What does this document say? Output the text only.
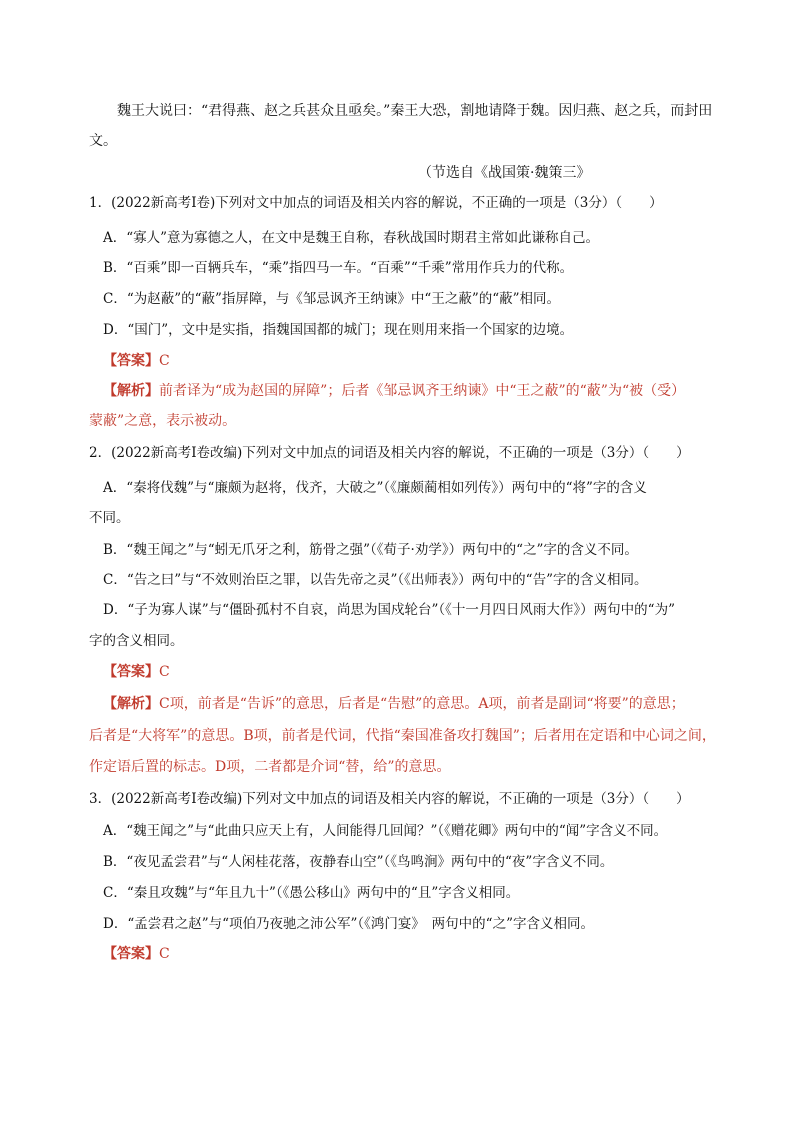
魏王大说曰：“君得燕、赵之兵甚众且亟矣。”秦王大恐，割地请降于魏。因归燕、赵之兵，而封田
文。
（节选自《战国策·魏策三》
1．(2022新高考Ⅰ卷)下列对文中加点的词语及相关内容的解说，不正确的一项是（3分）（　　）
A．“寡人”意为寡德之人，在文中是魏王自称，春秋战国时期君主常如此谦称自己。
B．“百乘”即一百辆兵车，“乘”指四马一车。“百乘”“千乘”常用作兵力的代称。
C．“为赵蔽”的“蔽”指屏障，与《邹忌讽齐王纳谏》中“王之蔽”的“蔽”相同。
D．“国门”，文中是实指，指魏国国都的城门；现在则用来指一个国家的边境。
【答案】C
【解析】前者译为“成为赵国的屏障”；后者《邹忌讽齐王纳谏》中“王之蔽”的“蔽”为“被（受）
蒙蔽”之意，表示被动。
2．(2022新高考Ⅰ卷改编)下列对文中加点的词语及相关内容的解说，不正确的一项是（3分）（　　）
A．“秦将伐魏”与“廉颇为赵将，伐齐，大破之”（《廉颇蔺相如列传》）两句中的“将”字的含义
不同。
B．“魏王闻之”与“蚓无爪牙之利，筋骨之强”（《荀子·劝学》）两句中的“之”字的含义不同。
C．“告之曰”与“不效则治臣之罪，以告先帝之灵”（《出师表》）两句中的“告”字的含义相同。
D．“子为寡人谋”与“僵卧孤村不自哀，尚思为国戍轮台”（《十一月四日风雨大作》）两句中的“为”
字的含义相同。
【答案】C
【解析】C项，前者是“告诉”的意思，后者是“告慰”的意思。A项，前者是副词“将要”的意思；
后者是“大将军”的意思。B项，前者是代词，代指“秦国准备攻打魏国”；后者用在定语和中心词之间，
作定语后置的标志。D项，二者都是介词“替，给”的意思。
3．(2022新高考Ⅰ卷改编)下列对文中加点的词语及相关内容的解说，不正确的一项是（3分）（　　）
A．“魏王闻之”与“此曲只应天上有，人间能得几回闻？”（《赠花卿》两句中的“闻”字含义不同。
B．“夜见孟尝君”与“人闲桂花落，夜静春山空”（《鸟鸣涧》两句中的“夜”字含义不同。
C．“秦且攻魏”与“年且九十”（《愚公移山》两句中的“且”字含义相同。
D．“孟尝君之赵”与“项伯乃夜驰之沛公军”（《鸿门宴》　两句中的“之”字含义相同。
【答案】C
